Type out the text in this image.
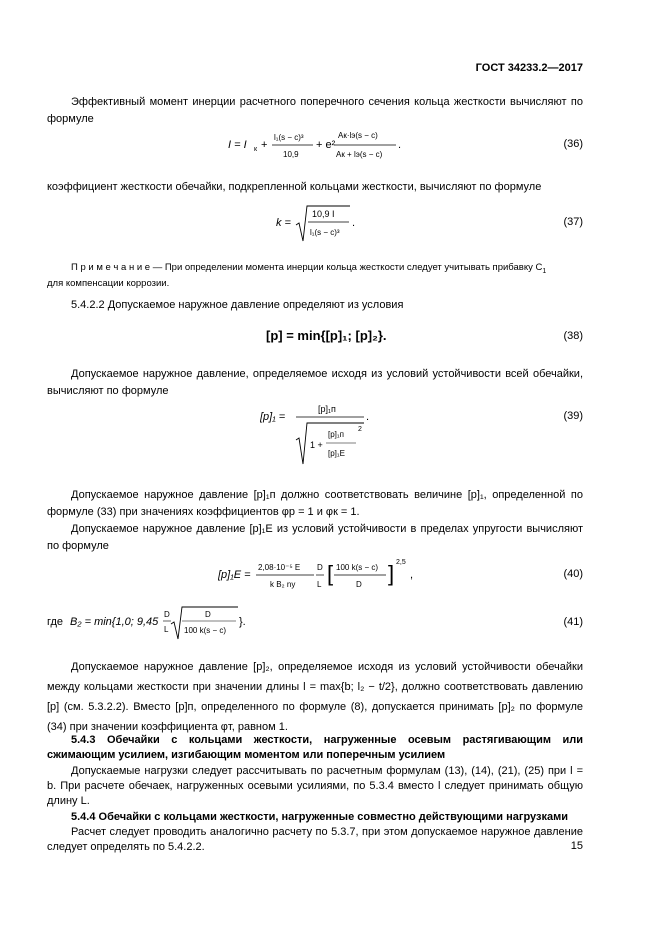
ГОСТ 34233.2—2017
Эффективный момент инерции расчетного поперечного сечения кольца жесткости вычисляют по формуле
I = I к +
l₁(s − c)³
10,9
+ e²
Aк·lэ(s − c)
Aк + lэ(s − c)
.	(36)
коэффициент жесткости обечайки, подкрепленной кольцами жесткости, вычисляют по формуле
k =
10,9 I
l₁(s − c)³
.	(37)
П р и м е ч а н и е — При определении момента инерции кольца жесткости следует учитывать прибавку $C_1$
для компенсации коррозии.
5.4.2.2 Допускаемое наружное давление определяют из условия
[p] = min{[p]₁; [p]₂}.	(38)
Допускаемое наружное давление, определяемое исходя из условий устойчивости всей обечайки, вычисляют по формуле
[p]₁ =
[p]₁п
1 +
[p]₁п
[p]₁E
2
.	(39)
Допускаемое наружное давление [p]₁п должно соответствовать величине [p]₁, определенной по формуле (33) при значениях коэффициентов φр = 1 и φк = 1.
Допускаемое наружное давление [p]₁E из условий устойчивости в пределах упругости вычисляют по формуле
[p]₁E =
2,08·10⁻⁵ E
k B₂ nу
D
L [ 100 k(s − c)
D ] 2,5
,	(40)
где B₂ = min{1,0; 9,45
D
L
D
100 k(s − c)
}.	(41)
Допускаемое наружное давление [p]₂, определяемое исходя из условий устойчивости обечайки между кольцами жесткости при значении длины l = max{b; l₂ − t/2}, должно соответствовать давлению [p] (см. 5.3.2.2). Вместо [p]п, определенного по формуле (8), допускается принимать [p]₂ по формуле (34) при значении коэффициента φт, равном 1.
5.4.3 Обечайки с кольцами жесткости, нагруженные осевым растягивающим или сжимающим усилием, изгибающим моментом или поперечным усилием
Допускаемые нагрузки следует рассчитывать по расчетным формулам (13), (14), (21), (25) при l = b. При расчете обечаек, нагруженных осевыми усилиями, по 5.3.4 вместо l следует принимать общую длину L.
5.4.4 Обечайки с кольцами жесткости, нагруженные совместно действующими нагрузками
Расчет следует проводить аналогично расчету по 5.3.7, при этом допускаемое наружное давление следует определять по 5.4.2.2.	15
